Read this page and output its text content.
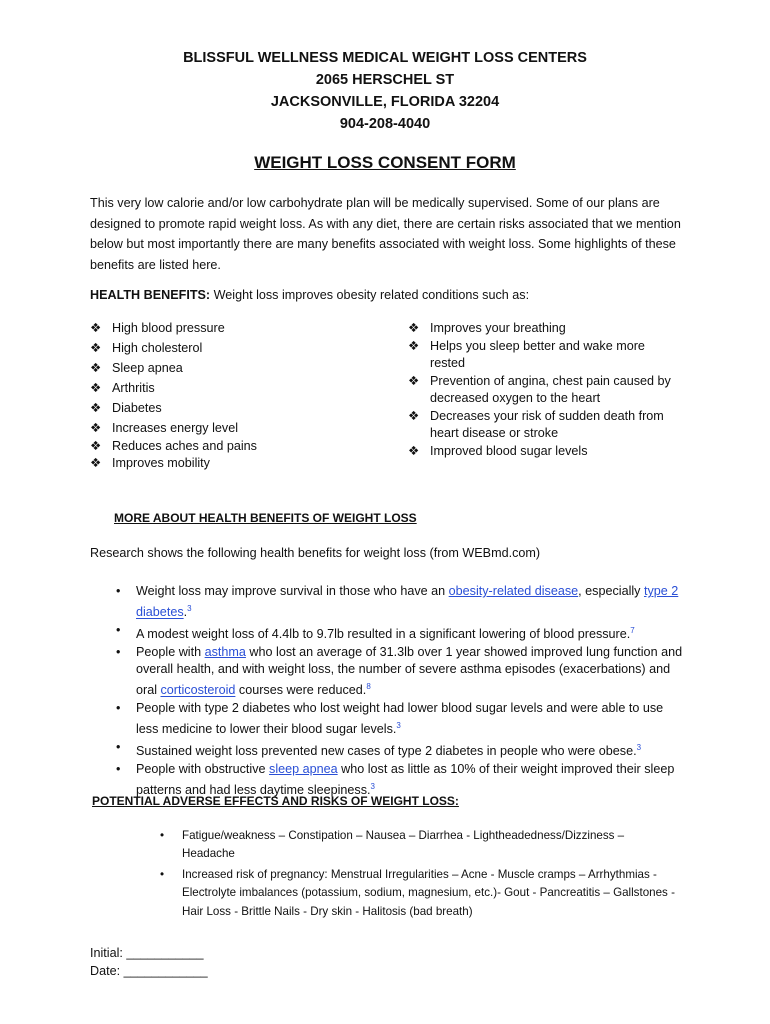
BLISSFUL WELLNESS MEDICAL WEIGHT LOSS CENTERS
2065 HERSCHEL ST
JACKSONVILLE, FLORIDA 32204
904-208-4040
WEIGHT LOSS CONSENT FORM
This very low calorie and/or low carbohydrate plan will be medically supervised. Some of our plans are designed to promote rapid weight loss. As with any diet, there are certain risks associated that we mention below but most importantly there are many benefits associated with weight loss. Some highlights of these benefits are listed here.
HEALTH BENEFITS: Weight loss improves obesity related conditions such as:
❖ High blood pressure
❖ High cholesterol
❖ Sleep apnea
❖ Arthritis
❖ Diabetes
❖ Increases energy level
❖ Reduces aches and pains
❖ Improves mobility
❖ Improves your breathing
❖ Helps you sleep better and wake more rested
❖ Prevention of angina, chest pain caused by decreased oxygen to the heart
❖ Decreases your risk of sudden death from heart disease or stroke
❖ Improved blood sugar levels
MORE ABOUT HEALTH BENEFITS OF WEIGHT LOSS
Research shows the following health benefits for weight loss (from WEBmd.com)
• Weight loss may improve survival in those who have an obesity-related disease, especially type 2 diabetes.$^3$
• A modest weight loss of 4.4lb to 9.7lb resulted in a significant lowering of blood pressure.$^7$
• People with asthma who lost an average of 31.3lb over 1 year showed improved lung function and overall health, and with weight loss, the number of severe asthma episodes (exacerbations) and oral corticosteroid courses were reduced.$^8$
• People with type 2 diabetes who lost weight had lower blood sugar levels and were able to use less medicine to lower their blood sugar levels.$^3$
• Sustained weight loss prevented new cases of type 2 diabetes in people who were obese.$^3$
• People with obstructive sleep apnea who lost as little as 10% of their weight improved their sleep patterns and had less daytime sleepiness.$^3$
POTENTIAL ADVERSE EFFECTS AND RISKS OF WEIGHT LOSS:
• Fatigue/weakness – Constipation – Nausea – Diarrhea - Lightheadedness/Dizziness – Headache
• Increased risk of pregnancy: Menstrual Irregularities – Acne - Muscle cramps – Arrhythmias - Electrolyte imbalances (potassium, sodium, magnesium, etc.)- Gout - Pancreatitis – Gallstones - Hair Loss - Brittle Nails - Dry skin - Halitosis (bad breath)
Initial: ___________
Date: ____________
